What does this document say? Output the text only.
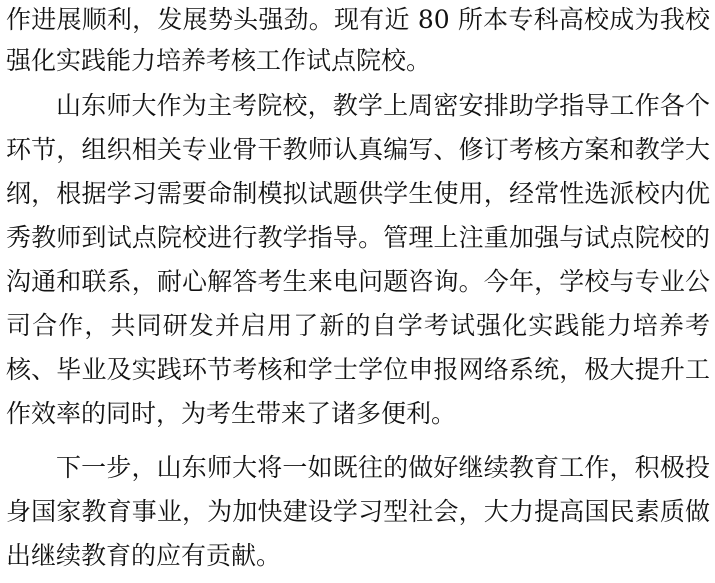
作进展顺利，发展势头强劲。现有近 80 所本专科高校成为我校
强化实践能力培养考核工作试点院校。
山东师大作为主考院校，教学上周密安排助学指导工作各个
环节，组织相关专业骨干教师认真编写、修订考核方案和教学大
纲，根据学习需要命制模拟试题供学生使用，经常性选派校内优
秀教师到试点院校进行教学指导。管理上注重加强与试点院校的
沟通和联系，耐心解答考生来电问题咨询。今年，学校与专业公
司合作，共同研发并启用了新的自学考试强化实践能力培养考
核、毕业及实践环节考核和学士学位申报网络系统，极大提升工
作效率的同时，为考生带来了诸多便利。
下一步，山东师大将一如既往的做好继续教育工作，积极投
身国家教育事业，为加快建设学习型社会，大力提高国民素质做
出继续教育的应有贡献。
